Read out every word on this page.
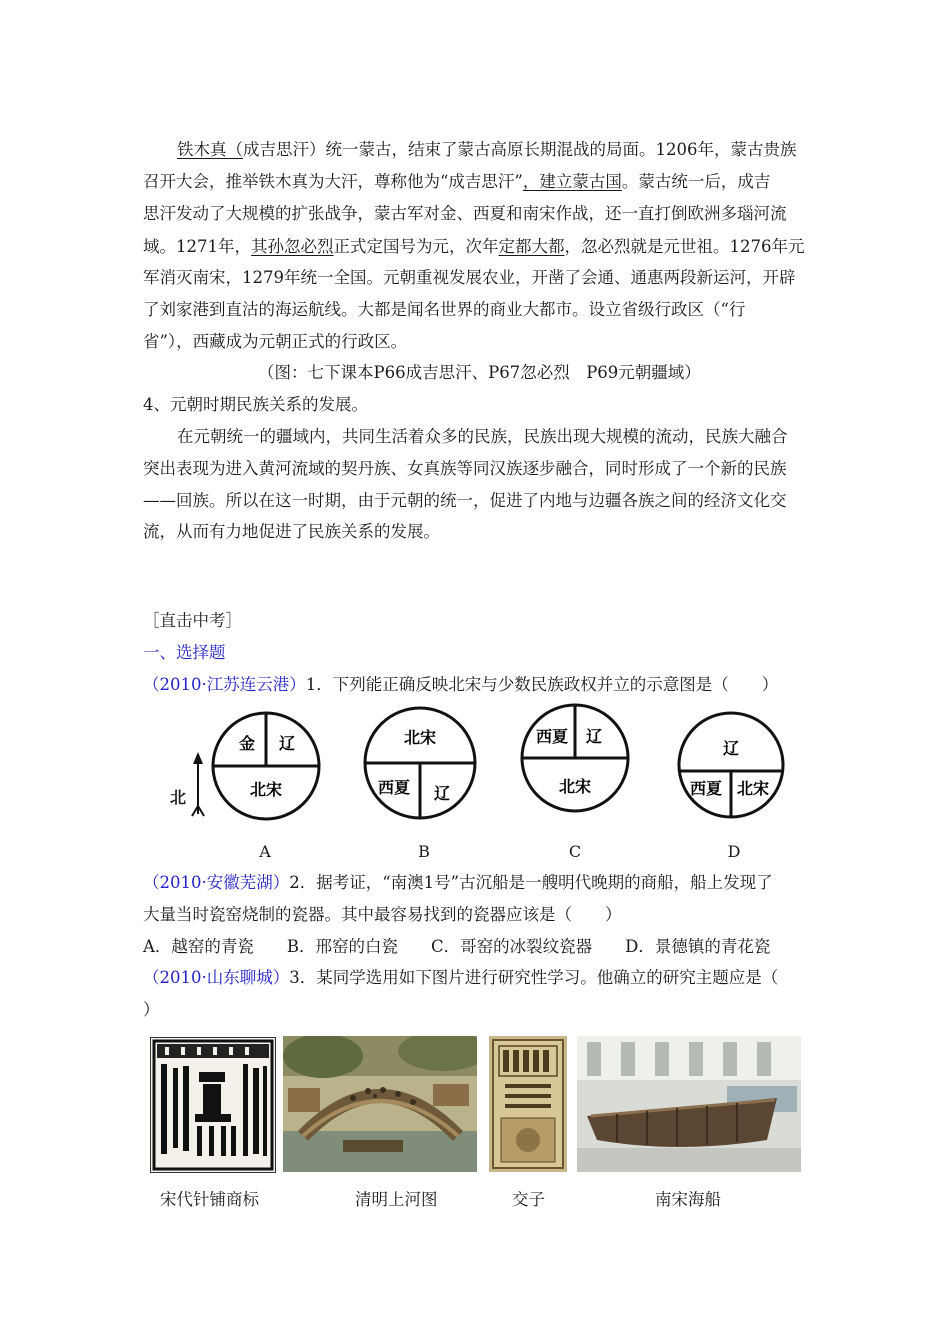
铁木真（成吉思汗）统一蒙古，结束了蒙古高原长期混战的局面。1206年，蒙古贵族
召开大会，推举铁木真为大汗，尊称他为“成吉思汗”，建立蒙古国。蒙古统一后，成吉
思汗发动了大规模的扩张战争，蒙古军对金、西夏和南宋作战，还一直打倒欧洲多瑙河流
域。1271年，其孙忽必烈正式定国号为元，次年定都大都，忽必烈就是元世祖。1276年元
军消灭南宋，1279年统一全国。元朝重视发展农业，开凿了会通、通惠两段新运河，开辟
了刘家港到直沽的海运航线。大都是闻名世界的商业大都市。设立省级行政区（“行
省”），西藏成为元朝正式的行政区。
（图：七下课本P66成吉思汗、P67忽必烈　P69元朝疆域）
4、元朝时期民族关系的发展。
在元朝统一的疆域内，共同生活着众多的民族，民族出现大规模的流动，民族大融合
突出表现为进入黄河流域的契丹族、女真族等同汉族逐步融合，同时形成了一个新的民族
——回族。所以在这一时期，由于元朝的统一，促进了内地与边疆各族之间的经济文化交
流，从而有力地促进了民族关系的发展。
［直击中考］
一、选择题
（2010·江苏连云港）1．下列能正确反映北宋与少数民族政权并立的示意图是（　　）
北
金 辽
北宋
A
北宋
西夏 辽
B
西夏 辽
北宋
C
辽
西夏 北宋
D
（2010·安徽芜湖）2．据考证，“南澳1号”古沉船是一艘明代晚期的商船，船上发现了
大量当时瓷窑烧制的瓷器。其中最容易找到的瓷器应该是（　　）
A．越窑的青瓷　　B．邢窑的白瓷　　C．哥窑的冰裂纹瓷器　　D．景德镇的青花瓷
（2010·山东聊城）3．某同学选用如下图片进行研究性学习。他确立的研究主题应是（
）
宋代针铺商标	清明上河图	交子	南宋海船
